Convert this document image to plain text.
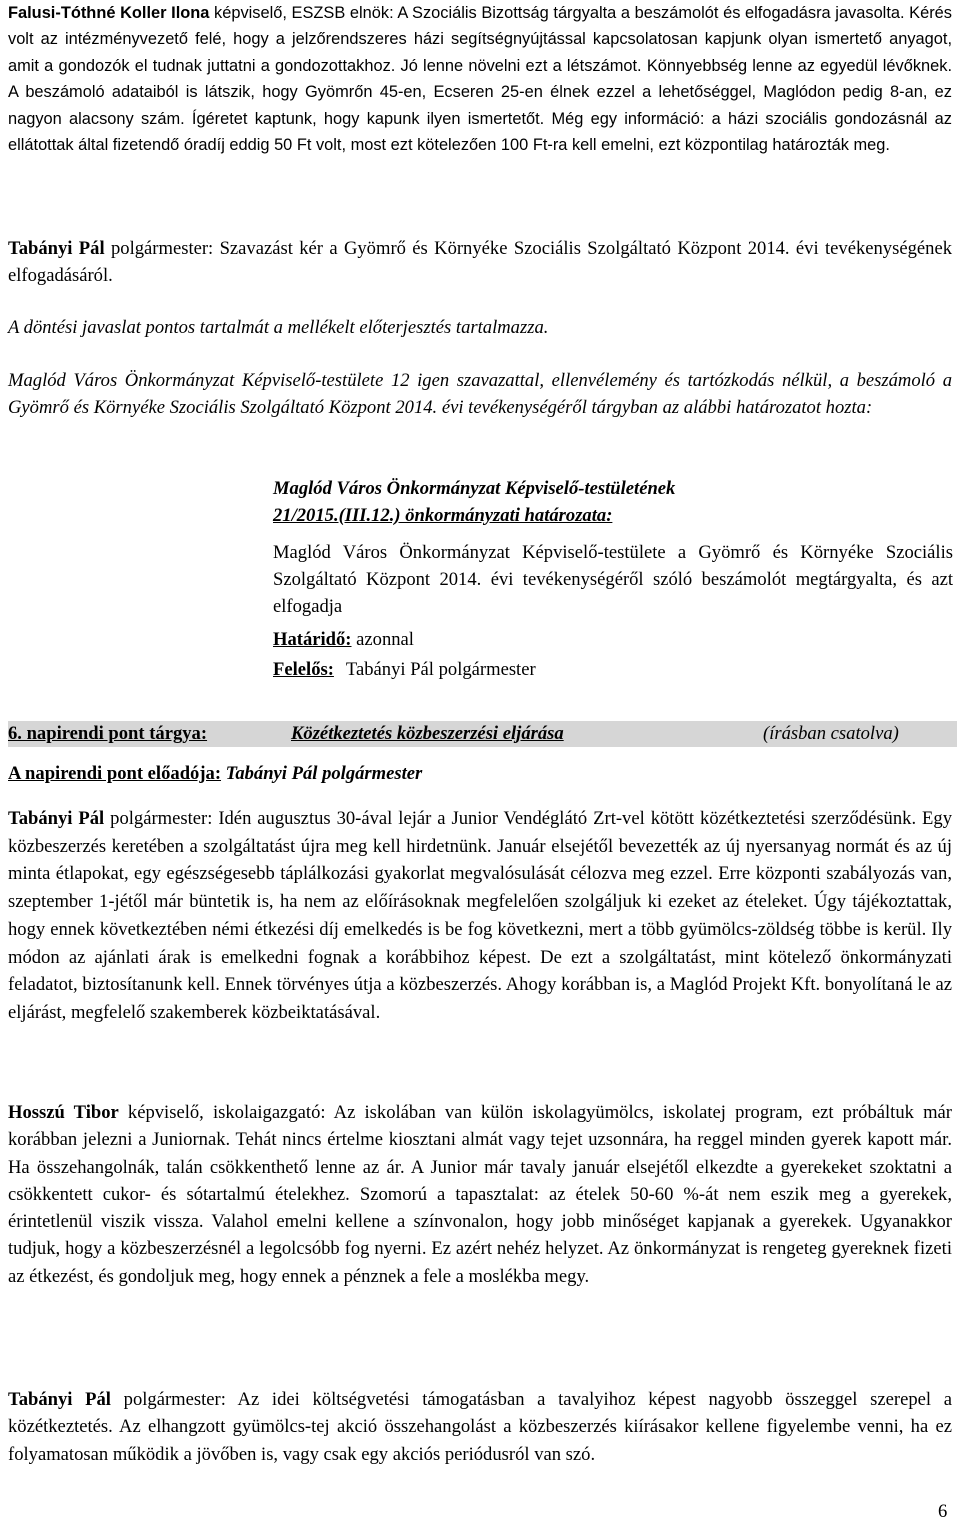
Falusi-Tóthné Koller Ilona képviselő, ESZSB elnök: A Szociális Bizottság tárgyalta a beszámolót és elfogadásra javasolta. Kérés volt az intézményvezető felé, hogy a jelzőrendszeres házi segítségnyújtással kapcsolatosan kapjunk olyan ismertető anyagot, amit a gondozók el tudnak juttatni a gondozottakhoz. Jó lenne növelni ezt a létszámot. Könnyebbség lenne az egyedül lévőknek. A beszámoló adataiból is látszik, hogy Gyömrőn 45-en, Ecseren 25-en élnek ezzel a lehetőséggel, Maglódon pedig 8-an, ez nagyon alacsony szám. Ígéretet kaptunk, hogy kapunk ilyen ismertetőt. Még egy információ: a házi szociális gondozásnál az ellátottak által fizetendő óradíj eddig 50 Ft volt, most ezt kötelezően 100 Ft-ra kell emelni, ezt központilag határozták meg.

Tabányi Pál polgármester: Szavazást kér a Gyömrő és Környéke Szociális Szolgáltató Központ 2014. évi tevékenységének elfogadásáról.

A döntési javaslat pontos tartalmát a mellékelt előterjesztés tartalmazza.

Maglód Város Önkormányzat Képviselő-testülete 12 igen szavazattal, ellenvélemény és tartózkodás nélkül, a beszámoló a Gyömrő és Környéke Szociális Szolgáltató Központ 2014. évi tevékenységéről tárgyban az alábbi határozatot hozta:

Maglód Város Önkormányzat Képviselő-testületének
21/2015.(III.12.) önkormányzati határozata:
Maglód Város Önkormányzat Képviselő-testülete a Gyömrő és Környéke Szociális Szolgáltató Központ 2014. évi tevékenységéről szóló beszámolót megtárgyalta, és azt elfogadja
Határidő: azonnal
Felelős: Tabányi Pál polgármester
6. napirendi pont tárgya:	Közétkeztetés közbeszerzési eljárása	(írásban csatolva)
A napirendi pont előadója: Tabányi Pál polgármester

Tabányi Pál polgármester: Idén augusztus 30-ával lejár a Junior Vendéglátó Zrt-vel kötött közétkeztetési szerződésünk. Egy közbeszerzés keretében a szolgáltatást újra meg kell hirdetnünk. Január elsejétől bevezették az új nyersanyag normát és az új minta étlapokat, egy egészségesebb táplálkozási gyakorlat megvalósulását célozva meg ezzel. Erre központi szabályozás van, szeptember 1-jétől már büntetik is, ha nem az előírásoknak megfelelően szolgáljuk ki ezeket az ételeket. Úgy tájékoztattak, hogy ennek következtében némi étkezési díj emelkedés is be fog következni, mert a több gyümölcs-zöldség többe is kerül. Ily módon az ajánlati árak is emelkedni fognak a korábbihoz képest. De ezt a szolgáltatást, mint kötelező önkormányzati feladatot, biztosítanunk kell. Ennek törvényes útja a közbeszerzés. Ahogy korábban is, a Maglód Projekt Kft. bonyolítaná le az eljárást, megfelelő szakemberek közbeiktatásával.

Hosszú Tibor képviselő, iskolaigazgató: Az iskolában van külön iskolagyümölcs, iskolatej program, ezt próbáltuk már korábban jelezni a Juniornak. Tehát nincs értelme kiosztani almát vagy tejet uzsonnára, ha reggel minden gyerek kapott már. Ha összehangolnák, talán csökkenthető lenne az ár. A Junior már tavaly január elsejétől elkezdte a gyerekeket szoktatni a csökkentett cukor- és sótartalmú ételekhez. Szomorú a tapasztalat: az ételek 50-60 %-át nem eszik meg a gyerekek, érintetlenül viszik vissza. Valahol emelni kellene a színvonalon, hogy jobb minőséget kapjanak a gyerekek. Ugyanakkor tudjuk, hogy a közbeszerzésnél a legolcsóbb fog nyerni. Ez azért nehéz helyzet. Az önkormányzat is rengeteg gyereknek fizeti az étkezést, és gondoljuk meg, hogy ennek a pénznek a fele a moslékba megy.

Tabányi Pál polgármester: Az idei költségvetési támogatásban a tavalyihoz képest nagyobb összeggel szerepel a közétkeztetés. Az elhangzott gyümölcs-tej akció összehangolást a közbeszerzés kiírásakor kellene figyelembe venni, ha ez folyamatosan működik a jövőben is, vagy csak egy akciós periódusról van szó.

6
